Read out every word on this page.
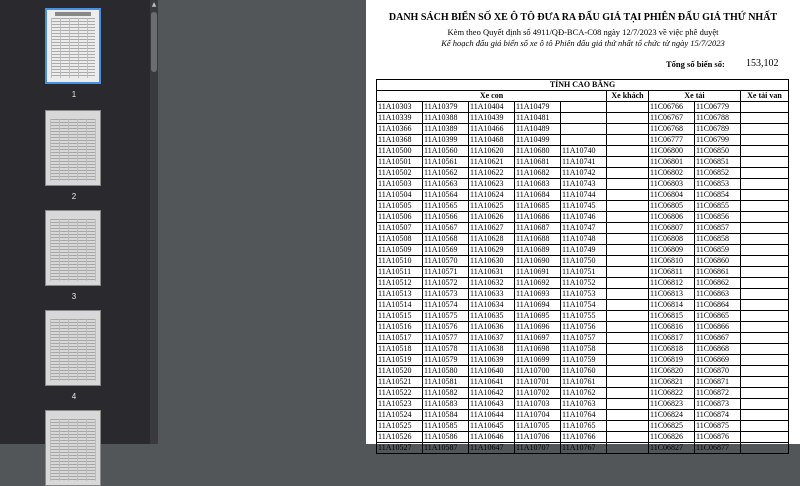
1
2
3
4
▲
DANH SÁCH BIỂN SỐ XE Ô TÔ ĐƯA RA ĐẤU GIÁ TẠI PHIÊN ĐẤU GIÁ THỨ NHẤT
Kèm theo Quyết định số 4911/QĐ-BCA-C08 ngày 12/7/2023 về việc phê duyệt
Kế hoạch đấu giá biển số xe ô tô Phiên đấu giá thứ nhất tổ chức từ ngày 15/7/2023
Tổng số biển số: 153,102
TỈNH CAO BẰNG								
Xe con					Xe khách	Xe tải		Xe tải van
11A10303	11A10379	11A10404	11A10479			11C06766	11C06779	
11A10339	11A10388	11A10439	11A10481			11C06767	11C06788	
11A10366	11A10389	11A10466	11A10489			11C06768	11C06789	
11A10368	11A10399	11A10468	11A10499			11C06777	11C06799	
11A10500	11A10560	11A10620	11A10680	11A10740		11C06800	11C06850	
11A10501	11A10561	11A10621	11A10681	11A10741		11C06801	11C06851	
11A10502	11A10562	11A10622	11A10682	11A10742		11C06802	11C06852	
11A10503	11A10563	11A10623	11A10683	11A10743		11C06803	11C06853	
11A10504	11A10564	11A10624	11A10684	11A10744		11C06804	11C06854	
11A10505	11A10565	11A10625	11A10685	11A10745		11C06805	11C06855	
11A10506	11A10566	11A10626	11A10686	11A10746		11C06806	11C06856	
11A10507	11A10567	11A10627	11A10687	11A10747		11C06807	11C06857	
11A10508	11A10568	11A10628	11A10688	11A10748		11C06808	11C06858	
11A10509	11A10569	11A10629	11A10689	11A10749		11C06809	11C06859	
11A10510	11A10570	11A10630	11A10690	11A10750		11C06810	11C06860	
11A10511	11A10571	11A10631	11A10691	11A10751		11C06811	11C06861	
11A10512	11A10572	11A10632	11A10692	11A10752		11C06812	11C06862	
11A10513	11A10573	11A10633	11A10693	11A10753		11C06813	11C06863	
11A10514	11A10574	11A10634	11A10694	11A10754		11C06814	11C06864	
11A10515	11A10575	11A10635	11A10695	11A10755		11C06815	11C06865	
11A10516	11A10576	11A10636	11A10696	11A10756		11C06816	11C06866	
11A10517	11A10577	11A10637	11A10697	11A10757		11C06817	11C06867	
11A10518	11A10578	11A10638	11A10698	11A10758		11C06818	11C06868	
11A10519	11A10579	11A10639	11A10699	11A10759		11C06819	11C06869	
11A10520	11A10580	11A10640	11A10700	11A10760		11C06820	11C06870	
11A10521	11A10581	11A10641	11A10701	11A10761		11C06821	11C06871	
11A10522	11A10582	11A10642	11A10702	11A10762		11C06822	11C06872	
11A10523	11A10583	11A10643	11A10703	11A10763		11C06823	11C06873	
11A10524	11A10584	11A10644	11A10704	11A10764		11C06824	11C06874	
11A10525	11A10585	11A10645	11A10705	11A10765		11C06825	11C06875	
11A10526	11A10586	11A10646	11A10706	11A10766		11C06826	11C06876	
11A10527	11A10587	11A10647	11A10707	11A10767		11C06827	11C06877	
